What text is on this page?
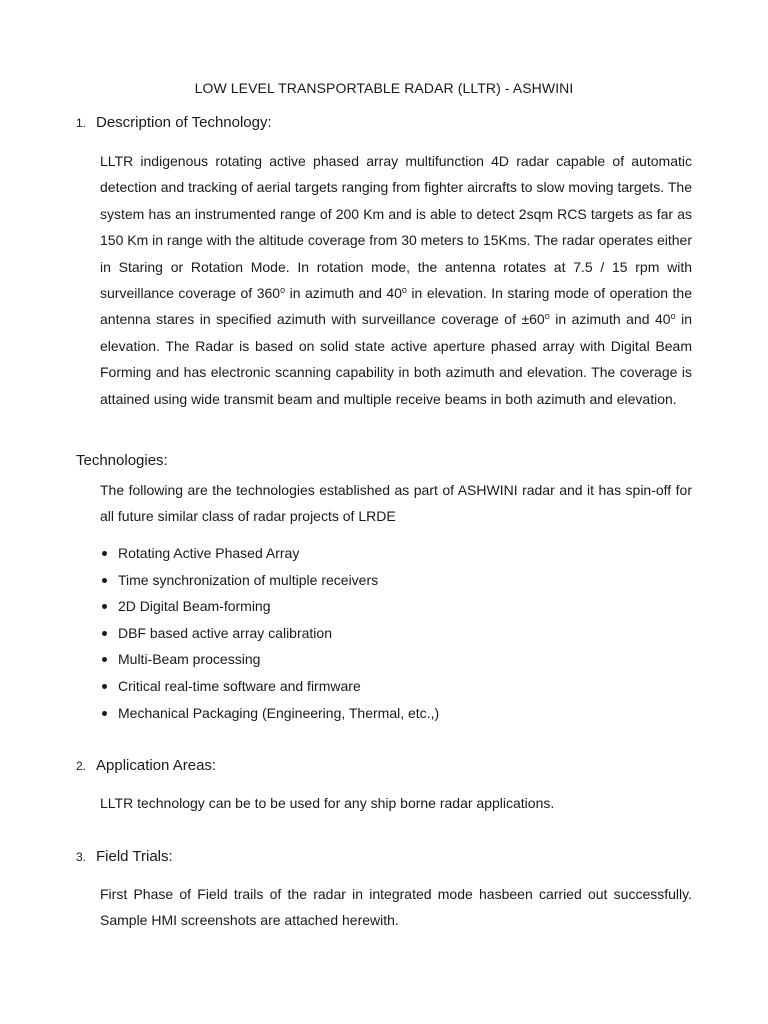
LOW LEVEL TRANSPORTABLE RADAR (LLTR) - ASHWINI
1. Description of Technology:
LLTR indigenous rotating active phased array multifunction 4D radar capable of automatic detection and tracking of aerial targets ranging from fighter aircrafts to slow moving targets. The system has an instrumented range of 200 Km and is able to detect 2sqm RCS targets as far as 150 Km in range with the altitude coverage from 30 meters to 15Kms. The radar operates either in Staring or Rotation Mode. In rotation mode, the antenna rotates at 7.5 / 15 rpm with surveillance coverage of 360$^o$ in azimuth and 40$^o$ in elevation. In staring mode of operation the antenna stares in specified azimuth with surveillance coverage of $\pm 60^o$ in azimuth and 40$^o$ in elevation. The Radar is based on solid state active aperture phased array with Digital Beam Forming and has electronic scanning capability in both azimuth and elevation. The coverage is attained using wide transmit beam and multiple receive beams in both azimuth and elevation.
Technologies:
The following are the technologies established as part of ASHWINI radar and it has spin-off for all future similar class of radar projects of LRDE
Rotating Active Phased Array
Time synchronization of multiple receivers
2D Digital Beam-forming
DBF based active array calibration
Multi-Beam processing
Critical real-time software and firmware
Mechanical Packaging (Engineering, Thermal, etc.,)
2. Application Areas:
LLTR technology can be to be used for any ship borne radar applications.
3. Field Trials:
First Phase of Field trails of the radar in integrated mode hasbeen carried out successfully. Sample HMI screenshots are attached herewith.
